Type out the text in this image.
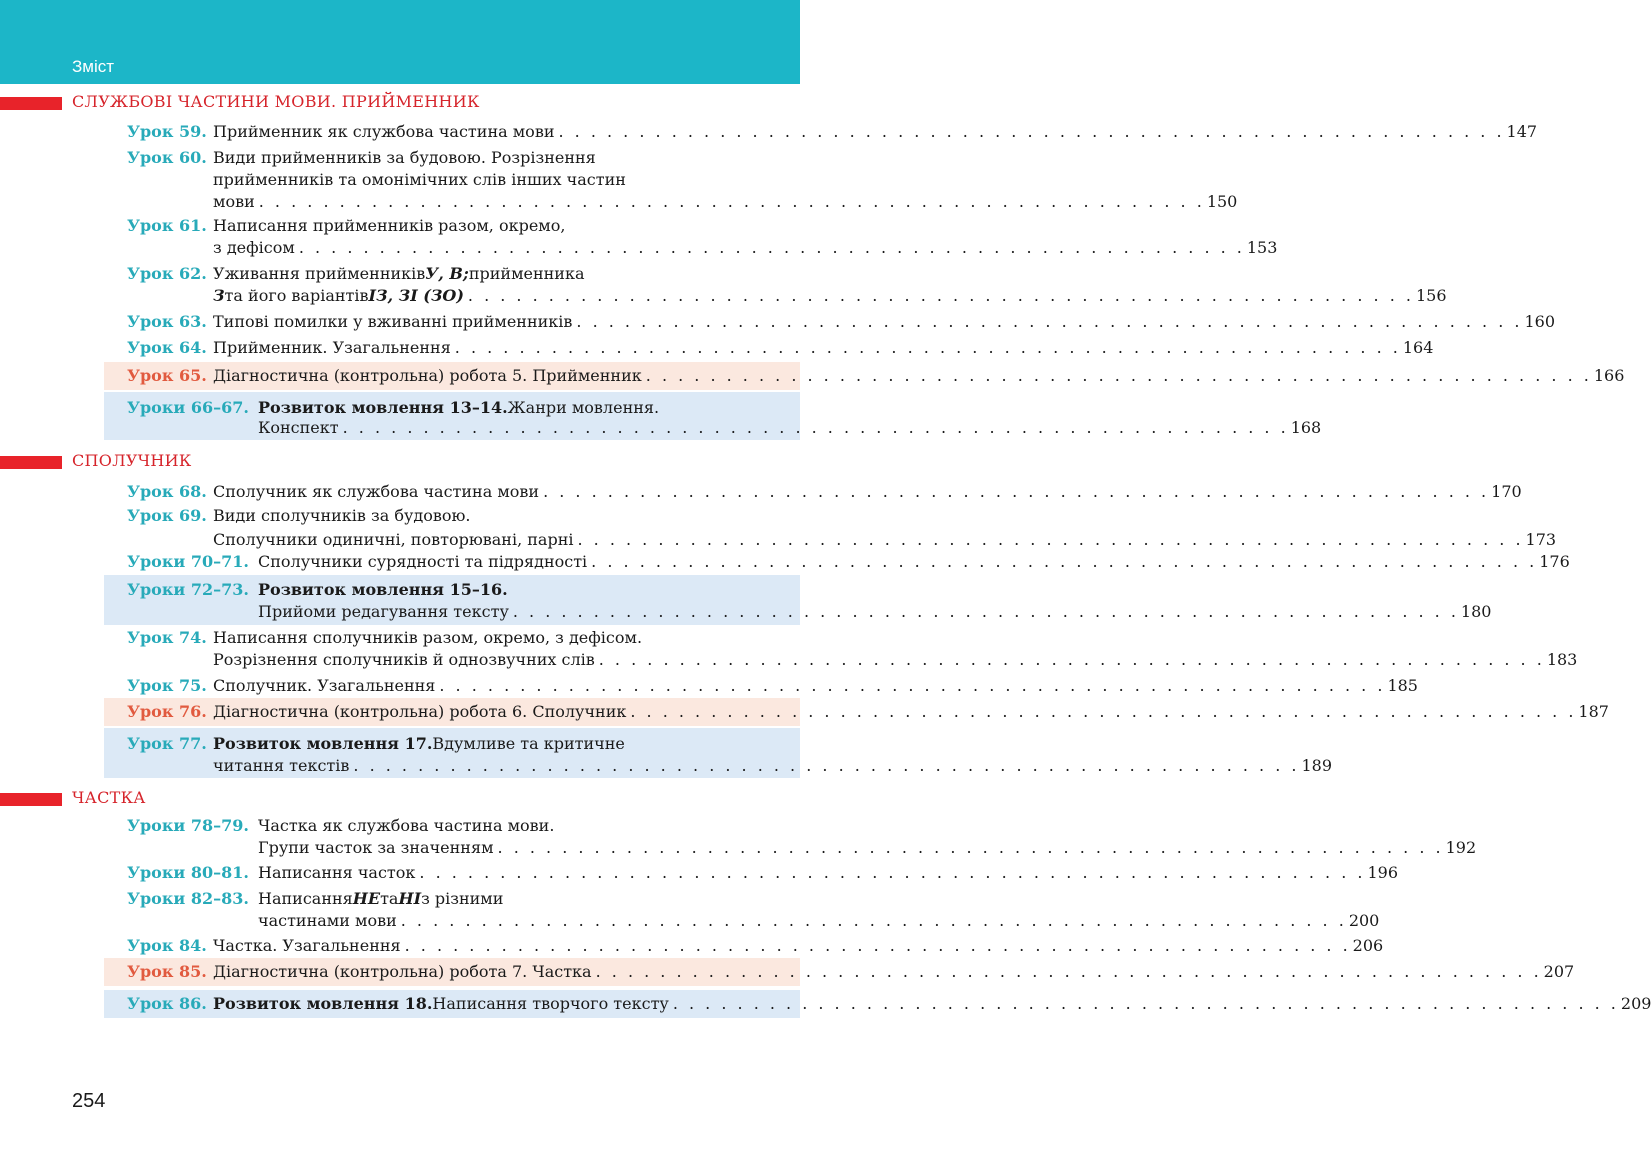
Зміст
СЛУЖБОВІ ЧАСТИНИ МОВИ. ПРИЙМЕННИК
Урок 59. Прийменник як службова частина мови . . . . . . . . . . . . . . . . . . . . . . . . . . . . . . . . . . . . . . . . . . . . . . . . . . . . . . . . . . . 147
Урок 60. Види прийменників за будовою. Розрізнення
прийменників та омонімічних слів інших частин
мови . . . . . . . . . . . . . . . . . . . . . . . . . . . . . . . . . . . . . . . . . . . . . . . . . . . . . . . . . . . 150
Урок 61. Написання прийменників разом, окремо,
з дефісом . . . . . . . . . . . . . . . . . . . . . . . . . . . . . . . . . . . . . . . . . . . . . . . . . . . . . . . . . . . 153
Урок 62. Уживання прийменників У, В; прийменника
З та його варіантів ІЗ, ЗІ (ЗО) . . . . . . . . . . . . . . . . . . . . . . . . . . . . . . . . . . . . . . . . . . . . . . . . . . . . . . . . . . . 156
Урок 63. Типові помилки у вживанні прийменників . . . . . . . . . . . . . . . . . . . . . . . . . . . . . . . . . . . . . . . . . . . . . . . . . . . . . . . . . . . 160
Урок 64. Прийменник. Узагальнення . . . . . . . . . . . . . . . . . . . . . . . . . . . . . . . . . . . . . . . . . . . . . . . . . . . . . . . . . . . 164
Урок 65. Діагностична (контрольна) робота 5. Прийменник . . . . . . . . . . . . . . . . . . . . . . . . . . . . . . . . . . . . . . . . . . . . . . . . . . . . . . . . . . . 166
Уроки 66–67. Розвиток мовлення 13–14. Жанри мовлення.
Конспект . . . . . . . . . . . . . . . . . . . . . . . . . . . . . . . . . . . . . . . . . . . . . . . . . . . . . . . . . . . 168
СПОЛУЧНИК
Урок 68. Сполучник як службова частина мови . . . . . . . . . . . . . . . . . . . . . . . . . . . . . . . . . . . . . . . . . . . . . . . . . . . . . . . . . . . 170
Урок 69. Види сполучників за будовою.
Сполучники одиничні, повторювані, парні . . . . . . . . . . . . . . . . . . . . . . . . . . . . . . . . . . . . . . . . . . . . . . . . . . . . . . . . . . . 173
Уроки 70–71. Сполучники сурядності та підрядності . . . . . . . . . . . . . . . . . . . . . . . . . . . . . . . . . . . . . . . . . . . . . . . . . . . . . . . . . . . 176
Уроки 72–73. Розвиток мовлення 15–16.
Прийоми редагування тексту . . . . . . . . . . . . . . . . . . . . . . . . . . . . . . . . . . . . . . . . . . . . . . . . . . . . . . . . . . . 180
Урок 74. Написання сполучників разом, окремо, з дефісом.
Розрізнення сполучників й однозвучних слів . . . . . . . . . . . . . . . . . . . . . . . . . . . . . . . . . . . . . . . . . . . . . . . . . . . . . . . . . . . 183
Урок 75. Сполучник. Узагальнення . . . . . . . . . . . . . . . . . . . . . . . . . . . . . . . . . . . . . . . . . . . . . . . . . . . . . . . . . . . 185
Урок 76. Діагностична (контрольна) робота 6. Сполучник . . . . . . . . . . . . . . . . . . . . . . . . . . . . . . . . . . . . . . . . . . . . . . . . . . . . . . . . . . . 187
Урок 77. Розвиток мовлення 17. Вдумливе та критичне
читання текстів . . . . . . . . . . . . . . . . . . . . . . . . . . . . . . . . . . . . . . . . . . . . . . . . . . . . . . . . . . . 189
ЧАСТКА
Уроки 78–79. Частка як службова частина мови.
Групи часток за значенням . . . . . . . . . . . . . . . . . . . . . . . . . . . . . . . . . . . . . . . . . . . . . . . . . . . . . . . . . . . 192
Уроки 80–81. Написання часток . . . . . . . . . . . . . . . . . . . . . . . . . . . . . . . . . . . . . . . . . . . . . . . . . . . . . . . . . . . 196
Уроки 82–83. Написання НЕ та НІ з різними
частинами мови . . . . . . . . . . . . . . . . . . . . . . . . . . . . . . . . . . . . . . . . . . . . . . . . . . . . . . . . . . . 200
Урок 84. Частка. Узагальнення . . . . . . . . . . . . . . . . . . . . . . . . . . . . . . . . . . . . . . . . . . . . . . . . . . . . . . . . . . . 206
Урок 85. Діагностична (контрольна) робота 7. Частка . . . . . . . . . . . . . . . . . . . . . . . . . . . . . . . . . . . . . . . . . . . . . . . . . . . . . . . . . . . 207
Урок 86. Розвиток мовлення 18. Написання творчого тексту . . . . . . . . . . . . . . . . . . . . . . . . . . . . . . . . . . . . . . . . . . . . . . . . . . . . . . . . . . . 209
254
